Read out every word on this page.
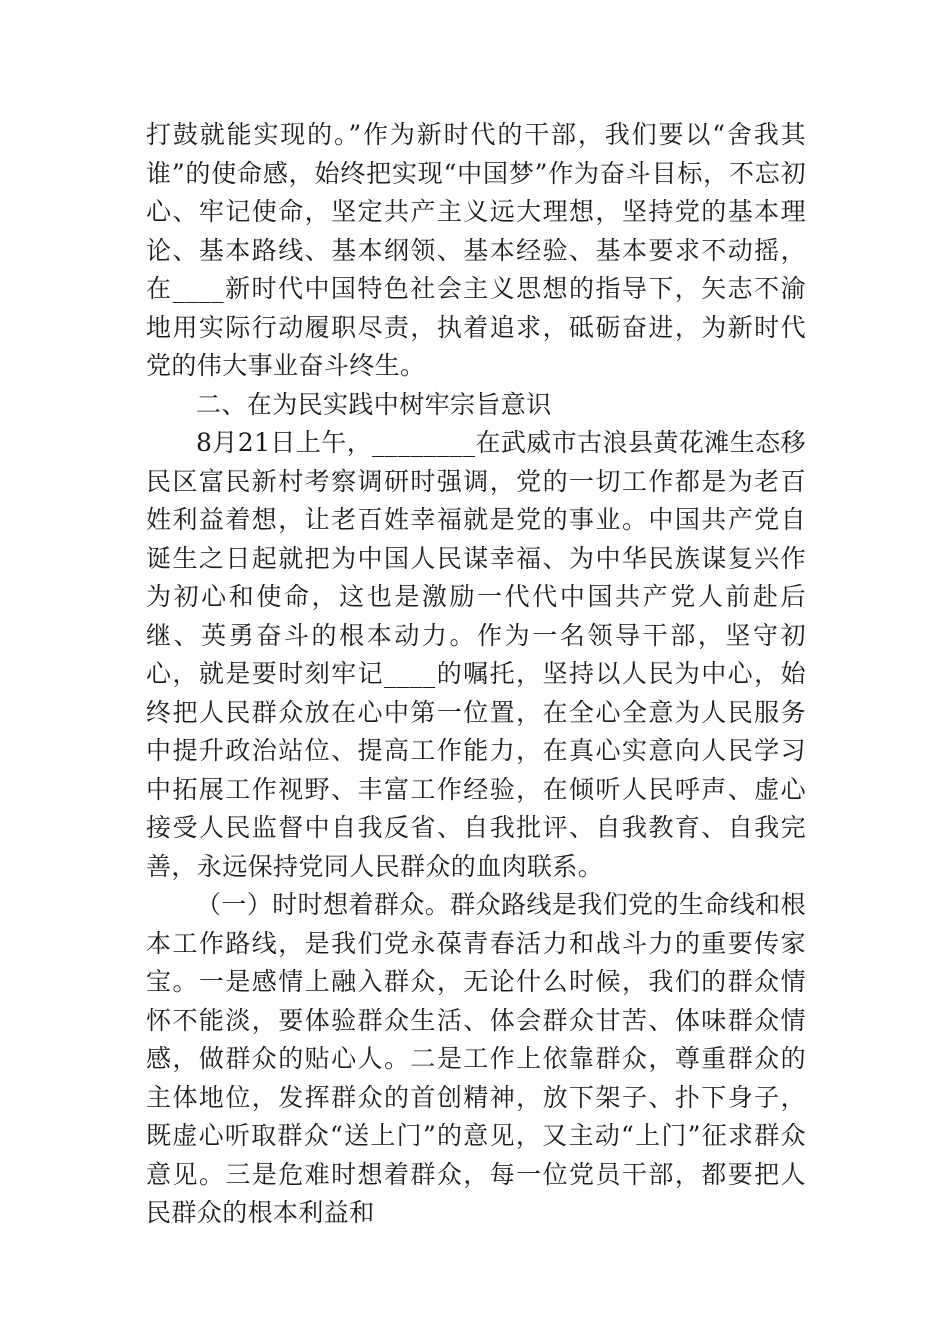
打鼓就能实现的。”作为新时代的干部，我们要以“舍我其谁”的使命感，始终把实现“中国梦”作为奋斗目标，不忘初心、牢记使命，坚定共产主义远大理想，坚持党的基本理论、基本路线、基本纲领、基本经验、基本要求不动摇，在____新时代中国特色社会主义思想的指导下，矢志不渝地用实际行动履职尽责，执着追求，砥砺奋进，为新时代党的伟大事业奋斗终生。

二、在为民实践中树牢宗旨意识

8月21日上午，________在武威市古浪县黄花滩生态移民区富民新村考察调研时强调，党的一切工作都是为老百姓利益着想，让老百姓幸福就是党的事业。中国共产党自诞生之日起就把为中国人民谋幸福、为中华民族谋复兴作为初心和使命，这也是激励一代代中国共产党人前赴后继、英勇奋斗的根本动力。作为一名领导干部，坚守初心，就是要时刻牢记____的嘱托，坚持以人民为中心，始终把人民群众放在心中第一位置，在全心全意为人民服务中提升政治站位、提高工作能力，在真心实意向人民学习中拓展工作视野、丰富工作经验，在倾听人民呼声、虚心接受人民监督中自我反省、自我批评、自我教育、自我完善，永远保持党同人民群众的血肉联系。

（一）时时想着群众。群众路线是我们党的生命线和根本工作路线，是我们党永葆青春活力和战斗力的重要传家宝。一是感情上融入群众，无论什么时候，我们的群众情怀不能淡，要体验群众生活、体会群众甘苦、体味群众情感，做群众的贴心人。二是工作上依靠群众，尊重群众的主体地位，发挥群众的首创精神，放下架子、扑下身子，既虚心听取群众“送上门”的意见，又主动“上门”征求群众意见。三是危难时想着群众，每一位党员干部，都要把人民群众的根本利益和
